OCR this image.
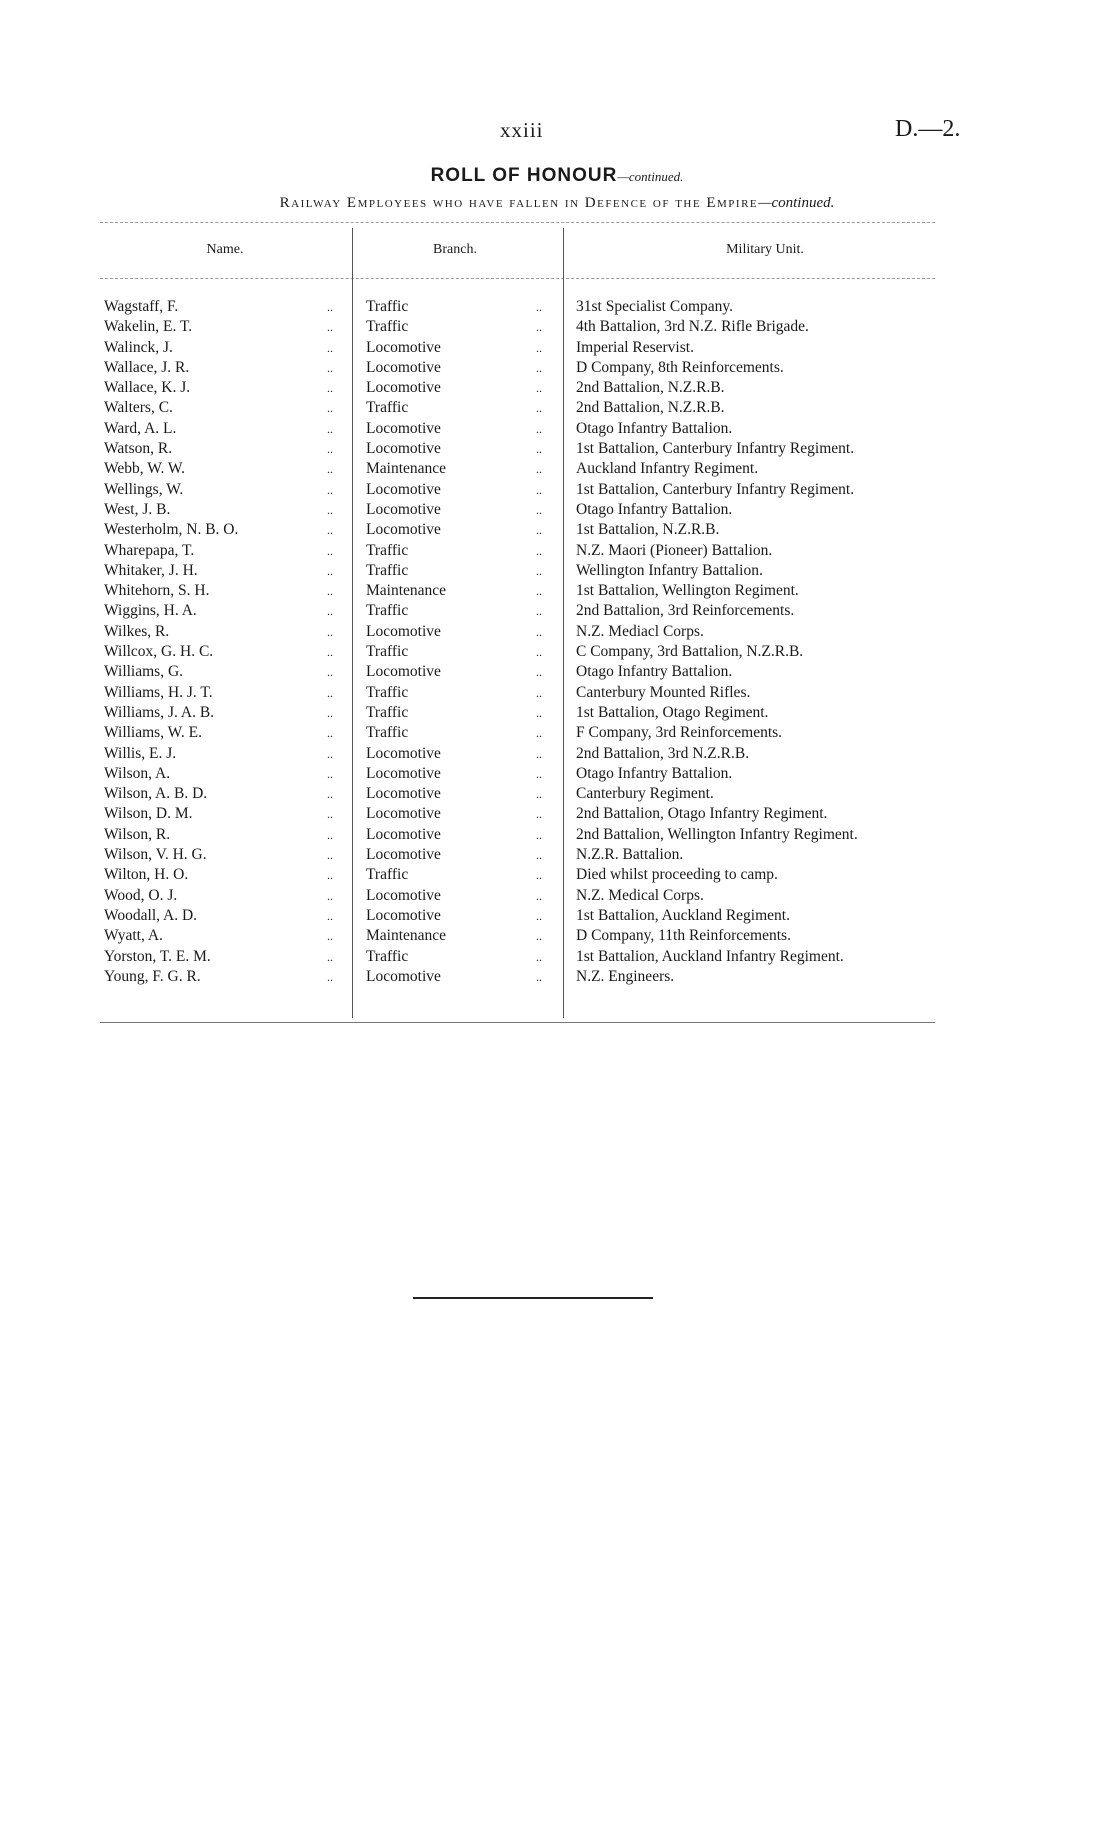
xxiii	D.—2.
ROLL OF HONOUR—continued.
Railway Employees who have fallen in Defence of the Empire—continued.
Name.	Branch.	Military Unit.
Wagstaff, F.	.. Traffic	.. 31st Specialist Company.
Wakelin, E. T.	.. Traffic	.. 4th Battalion, 3rd N.Z. Rifle Brigade.
Walinck, J.	.. Locomotive	.. Imperial Reservist.
Wallace, J. R.	.. Locomotive	.. D Company, 8th Reinforcements.
Wallace, K. J.	.. Locomotive	.. 2nd Battalion, N.Z.R.B.
Walters, C.	.. Traffic	.. 2nd Battalion, N.Z.R.B.
Ward, A. L.	.. Locomotive	.. Otago Infantry Battalion.
Watson, R.	.. Locomotive	.. 1st Battalion, Canterbury Infantry Regiment.
Webb, W. W.	.. Maintenance	.. Auckland Infantry Regiment.
Wellings, W.	.. Locomotive	.. 1st Battalion, Canterbury Infantry Regiment.
West, J. B.	.. Locomotive	.. Otago Infantry Battalion.
Westerholm, N. B. O.	.. Locomotive	.. 1st Battalion, N.Z.R.B.
Wharepapa, T.	.. Traffic	.. N.Z. Maori (Pioneer) Battalion.
Whitaker, J. H.	.. Traffic	.. Wellington Infantry Battalion.
Whitehorn, S. H.	.. Maintenance	.. 1st Battalion, Wellington Regiment.
Wiggins, H. A.	.. Traffic	.. 2nd Battalion, 3rd Reinforcements.
Wilkes, R.	.. Locomotive	.. N.Z. Mediacl Corps.
Willcox, G. H. C.	.. Traffic	.. C Company, 3rd Battalion, N.Z.R.B.
Williams, G.	.. Locomotive	.. Otago Infantry Battalion.
Williams, H. J. T.	.. Traffic	.. Canterbury Mounted Rifles.
Williams, J. A. B.	.. Traffic	.. 1st Battalion, Otago Regiment.
Williams, W. E.	.. Traffic	.. F Company, 3rd Reinforcements.
Willis, E. J.	.. Locomotive	.. 2nd Battalion, 3rd N.Z.R.B.
Wilson, A.	.. Locomotive	.. Otago Infantry Battalion.
Wilson, A. B. D.	.. Locomotive	.. Canterbury Regiment.
Wilson, D. M.	.. Locomotive	.. 2nd Battalion, Otago Infantry Regiment.
Wilson, R.	.. Locomotive	.. 2nd Battalion, Wellington Infantry Regiment.
Wilson, V. H. G.	.. Locomotive	.. N.Z.R. Battalion.
Wilton, H. O.	.. Traffic	.. Died whilst proceeding to camp.
Wood, O. J.	.. Locomotive	.. N.Z. Medical Corps.
Woodall, A. D.	.. Locomotive	.. 1st Battalion, Auckland Regiment.
Wyatt, A.	.. Maintenance	.. D Company, 11th Reinforcements.
Yorston, T. E. M.	.. Traffic	.. 1st Battalion, Auckland Infantry Regiment.
Young, F. G. R.	.. Locomotive	.. N.Z. Engineers.
